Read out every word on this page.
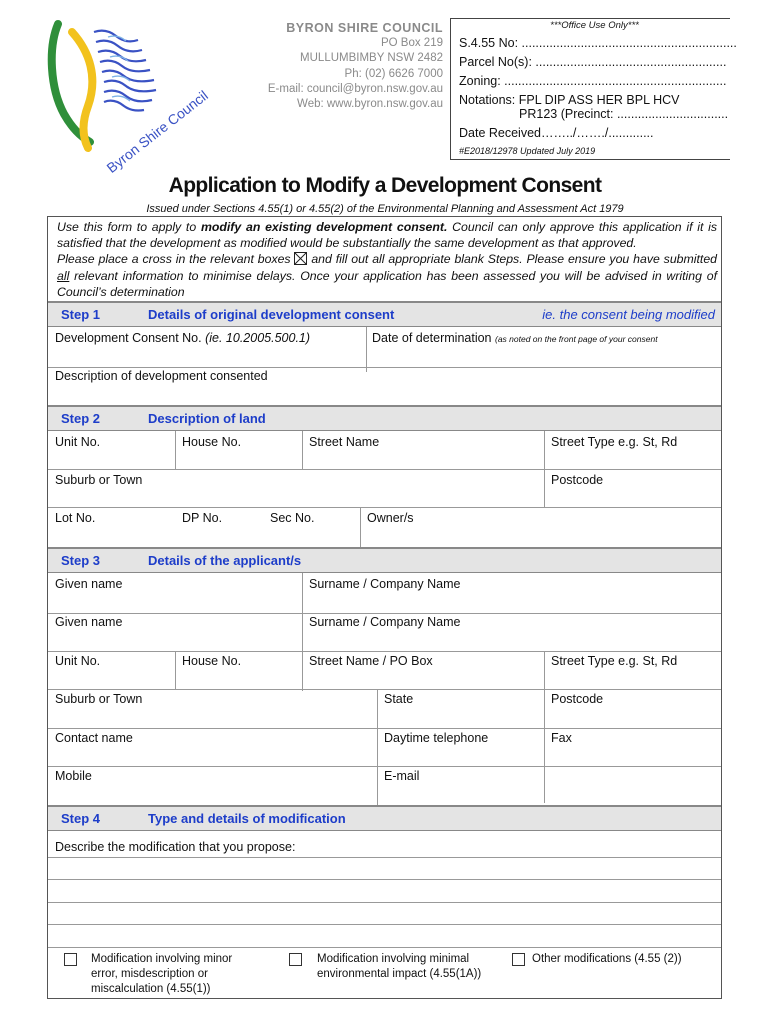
Byron Shire Council
BYRON SHIRE COUNCIL
PO Box 219
MULLUMBIMBY NSW 2482
Ph: (02) 6626 7000
E-mail: council@byron.nsw.gov.au
Web: www.byron.nsw.gov.au
***Office Use Only***
S.4.55 No: ..............................................................
Parcel No(s): .......................................................
Zoning: ................................................................
Notations: FPL DIP ASS HER BPL HCV
PR123 (Precinct: ................................
Date Received……../……./.............
#E2018/12978 Updated July 2019
Application to Modify a Development Consent
Issued under Sections 4.55(1) or 4.55(2) of the Environmental Planning and Assessment Act 1979
Use this form to apply to modify an existing development consent. Council can only approve this application if it is satisfied that the development as modified would be substantially the same development as that approved.
Please place a cross in the relevant boxes ☒ and fill out all appropriate blank Steps. Please ensure you have submitted all relevant information to minimise delays. Once your application has been assessed you will be advised in writing of Council’s determination
Step 1	Details of original development consent	ie. the consent being modified
Development Consent No. (ie. 10.2005.500.1)	Date of determination (as noted on the front page of your consent
Description of development consented
Step 2	Description of land
Unit No.	House No.	Street Name	Street Type e.g. St, Rd
Suburb or Town	Postcode
Lot No.	DP No.	Sec No.	Owner/s
Step 3	Details of the applicant/s
Given name	Surname / Company Name
Given name	Surname / Company Name
Unit No.	House No.	Street Name / PO Box	Street Type e.g. St, Rd
Suburb or Town	State	Postcode
Contact name	Daytime telephone	Fax
Mobile	E-mail
Step 4	Type and details of modification
Describe the modification that you propose:
Modification involving minor error, misdescription or miscalculation (4.55(1))
Modification involving minimal environmental impact (4.55(1A))
Other modifications (4.55 (2))
